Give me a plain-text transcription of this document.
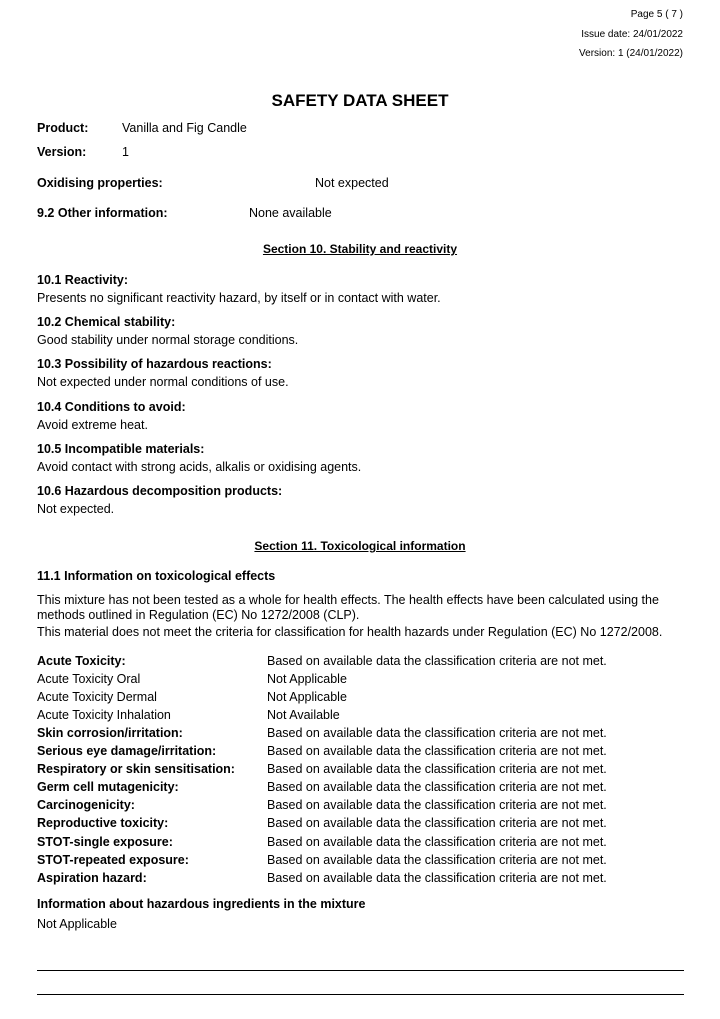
Page 5 ( 7 )
Issue date: 24/01/2022
Version: 1 (24/01/2022)
SAFETY DATA SHEET
Product:	Vanilla and Fig Candle
Version:	1
Oxidising properties:	Not expected
9.2 Other information:	None available
Section 10. Stability and reactivity
10.1 Reactivity:
Presents no significant reactivity hazard, by itself or in contact with water.
10.2 Chemical stability:
Good stability under normal storage conditions.
10.3 Possibility of hazardous reactions:
Not expected under normal conditions of use.
10.4 Conditions to avoid:
Avoid extreme heat.
10.5 Incompatible materials:
Avoid contact with strong acids, alkalis or oxidising agents.
10.6 Hazardous decomposition products:
Not expected.
Section 11. Toxicological information
11.1 Information on toxicological effects
This mixture has not been tested as a whole for health effects. The health effects have been calculated using the methods outlined in Regulation (EC) No 1272/2008 (CLP).
This material does not meet the criteria for classification for health hazards under Regulation (EC) No 1272/2008.
Acute Toxicity:	Based on available data the classification criteria are not met.
Acute Toxicity Oral	Not Applicable
Acute Toxicity Dermal	Not Applicable
Acute Toxicity Inhalation	Not Available
Skin corrosion/irritation:	Based on available data the classification criteria are not met.
Serious eye damage/irritation:	Based on available data the classification criteria are not met.
Respiratory or skin sensitisation:	Based on available data the classification criteria are not met.
Germ cell mutagenicity:	Based on available data the classification criteria are not met.
Carcinogenicity:	Based on available data the classification criteria are not met.
Reproductive toxicity:	Based on available data the classification criteria are not met.
STOT-single exposure:	Based on available data the classification criteria are not met.
STOT-repeated exposure:	Based on available data the classification criteria are not met.
Aspiration hazard:	Based on available data the classification criteria are not met.
Information about hazardous ingredients in the mixture
Not Applicable
